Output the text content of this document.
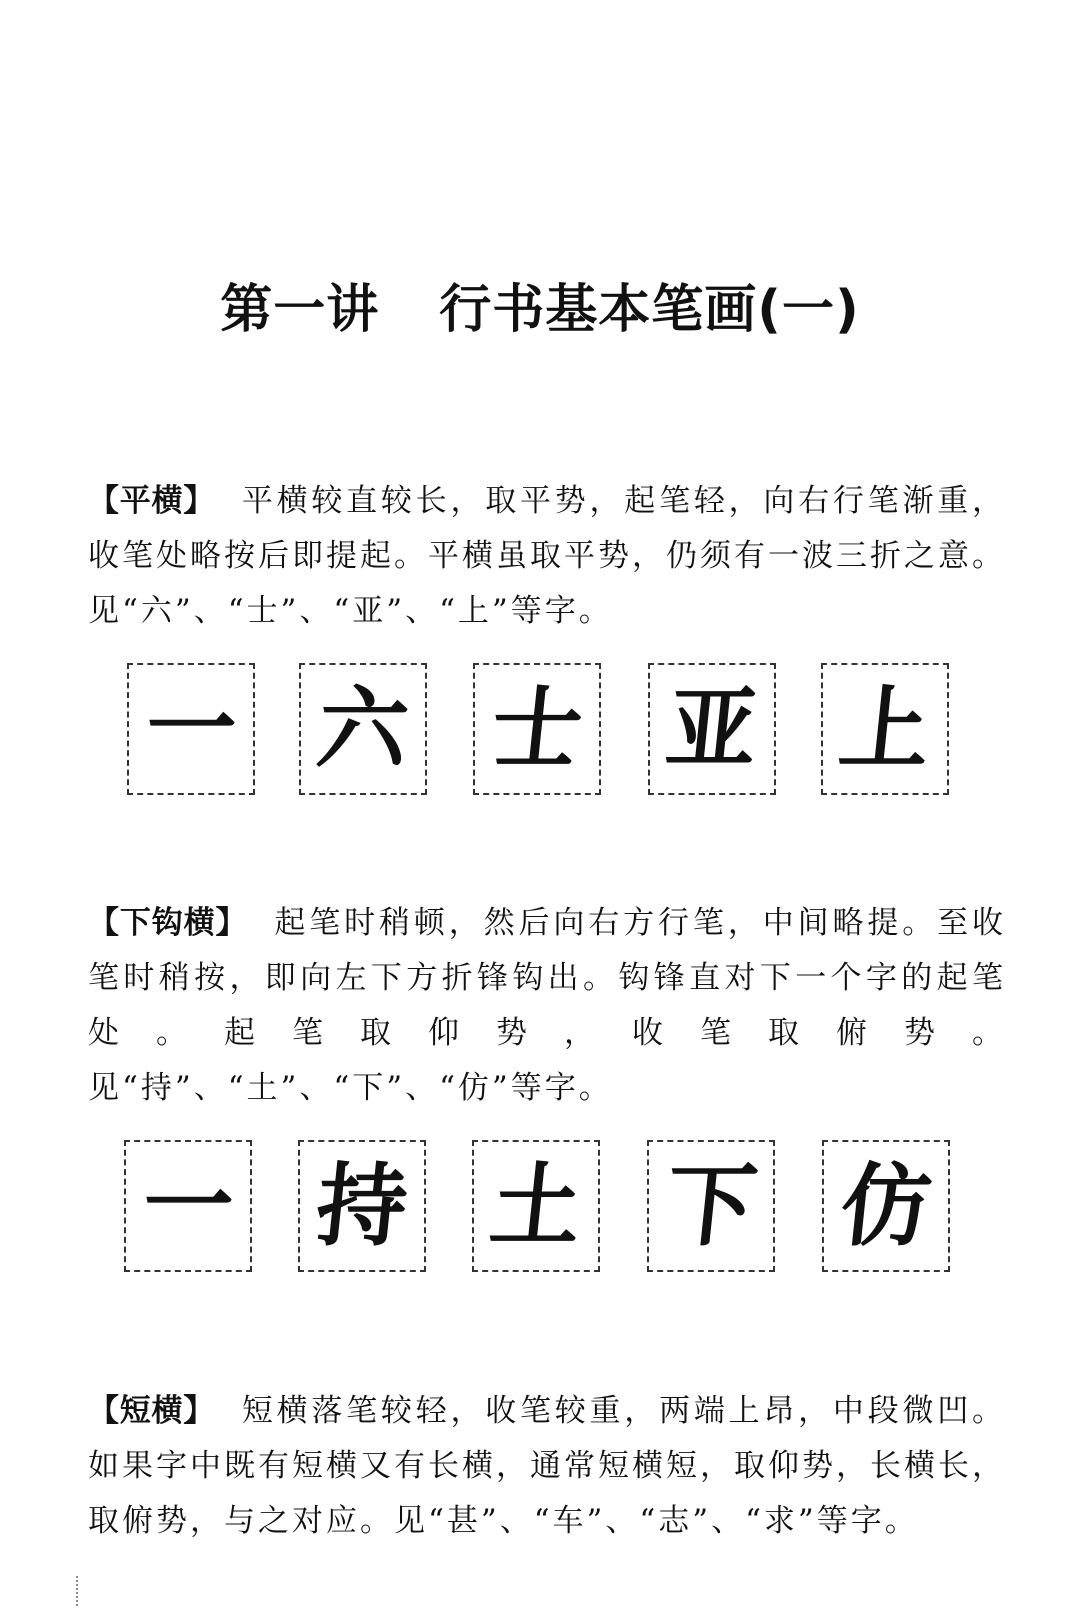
第一讲 行书基本笔画(一)

【平横】 平横较直较长，取平势，起笔轻，向右行笔渐重，收笔处略按后即提起。平横虽取平势，仍须有一波三折之意。见“六”、“士”、“亚”、“上”等字。

一 六 士 亚 上

【下钩横】 起笔时稍顿，然后向右方行笔，中间略提。至收笔时稍按，即向左下方折锋钩出。钩锋直对下一个字的起笔处。起笔取仰势，收笔取俯势。见“持”、“土”、“下”、“仿”等字。

一 持 土 下 仿

【短横】 短横落笔较轻，收笔较重，两端上昂，中段微凹。如果字中既有短横又有长横，通常短横短，取仰势，长横长，取俯势，与之对应。见“甚”、“车”、“志”、“求”等字。
